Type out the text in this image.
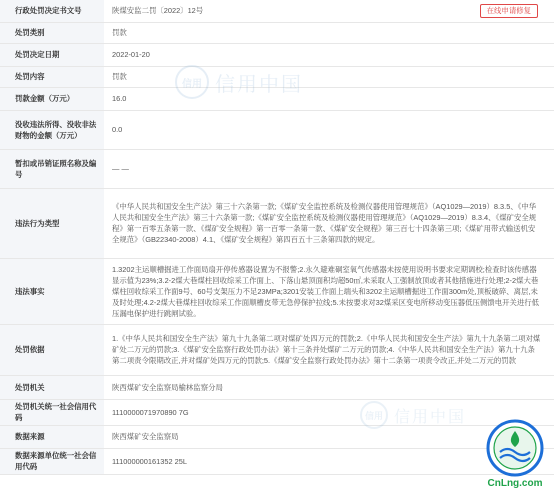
行政处罚决定书文号	陕煤安监二罚〔2022〕12号 在线申请修复

处罚类别	罚款
处罚决定日期	2022-01-20
处罚内容	罚款
罚款金额（万元）	16.0
没收违法所得、没收非法财物的金额（万元）	0.0
暂扣或吊销证照名称及编号	— —
违法行为类型	《中华人民共和国安全生产法》第三十六条第一款;《煤矿安全监控系统及检测仪器使用管理规范》（AQ1029—2019）8.3.5、《中华人民共和国安全生产法》第三十六条第一款;《煤矿安全监控系统及检测仪器使用管理规范》（AQ1029—2019）8.3.4、《煤矿安全规程》第一百零五条第一款、《煤矿安全规程》第一百零一条第一款、《煤矿安全规程》第三百七十四条第三项;《煤矿用带式输送机安全规范》（GB22340-2008）4.1、《煤矿安全规程》第四百五十三条第四款的规定。
违法事实	1.3202主运顺槽掘进工作面局扇开停传感器设置为不报警;2.永久避难硐室氧气传感器未按使用说明书要求定期调校;检查时该传感器显示值为23%;3.2-2煤大巷煤柱回收综采工作面上、下落山悬顶面积均超50㎡,未采取人工强制放顶或者其他措施进行处理;2-2煤大巷煤柱回收综采工作面9号、60号支架压力不足23MPa;3201安装工作面上端头和3202主运顺槽掘进工作面300m处,顶板破碎、离层,未及时处理;4.2-2煤大巷煤柱回收综采工作面顺槽皮带无急停保护拉线;5.未按要求对32煤采区变电所移动变压器低压侧馈电开关进行低压漏电保护进行跳闸试验。
处罚依据	1.《中华人民共和国安全生产法》第九十九条第二项对煤矿处四万元的罚款;2.《中华人民共和国安全生产法》第九十九条第二项对煤矿处二万元的罚款;3.《煤矿安全监察行政处罚办法》第十三条并处煤矿二万元的罚款;4.《中华人民共和国安全生产法》第九十九条第二项责令限期改正,并对煤矿处四万元的罚款;5.《煤矿安全监察行政处罚办法》第十二条第一项责令改正,并处二万元的罚款
处罚机关	陕西煤矿安全监察局榆林监察分局
处罚机关统一社会信用代码	1110000071970890 7G
数据来源	陕西煤矿安全监察局
数据来源单位统一社会信用代码	111000000161352 25L
信用 信用中国
信用 信用中国
CnLng.com
